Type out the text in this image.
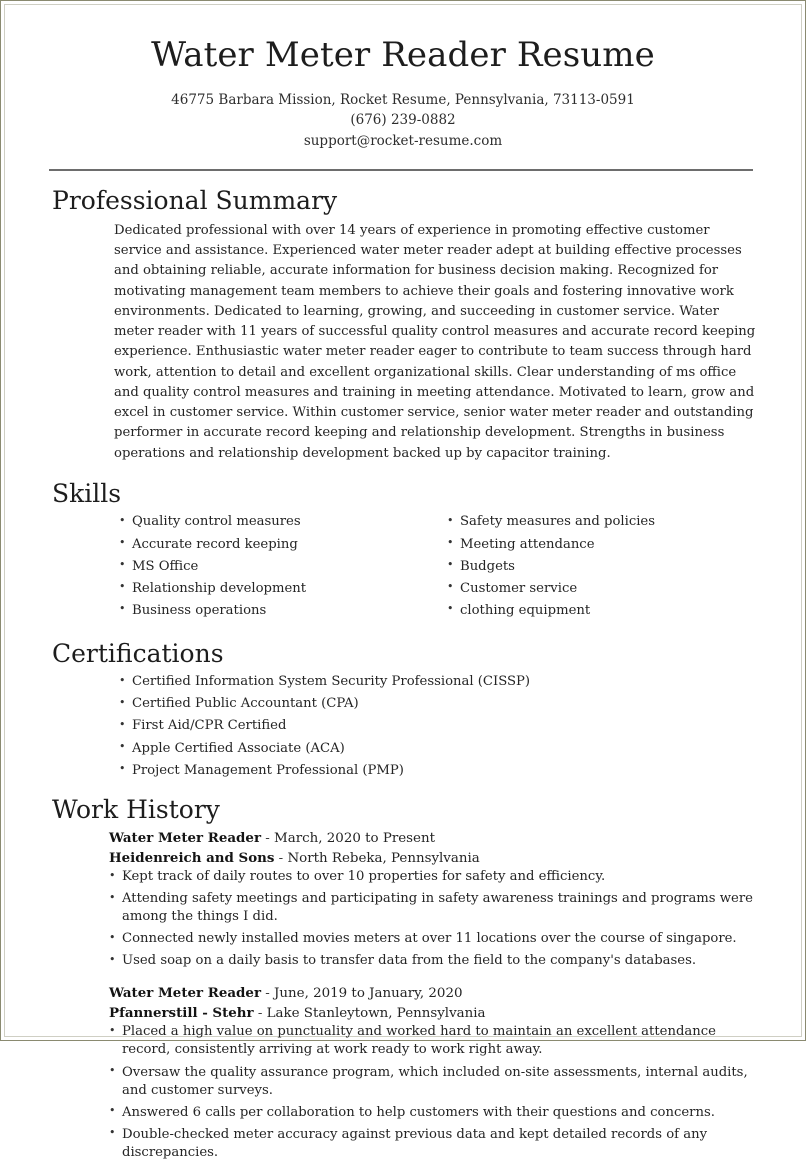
Water Meter Reader Resume

46775 Barbara Mission, Rocket Resume, Pennsylvania, 73113-0591

(676) 239-0882

support@rocket-resume.com

Professional Summary

Dedicated professional with over 14 years of experience in promoting effective customer service and assistance. Experienced water meter reader adept at building effective processes and obtaining reliable, accurate information for business decision making. Recognized for motivating management team members to achieve their goals and fostering innovative work environments. Dedicated to learning, growing, and succeeding in customer service. Water meter reader with 11 years of successful quality control measures and accurate record keeping experience. Enthusiastic water meter reader eager to contribute to team success through hard work, attention to detail and excellent organizational skills. Clear understanding of ms office and quality control measures and training in meeting attendance. Motivated to learn, grow and excel in customer service. Within customer service, senior water meter reader and outstanding performer in accurate record keeping and relationship development. Strengths in business operations and relationship development backed up by capacitor training.

Skills
• Quality control measures
• Accurate record keeping
• MS Office
• Relationship development
• Business operations
• Safety measures and policies
• Meeting attendance
• Budgets
• Customer service
• clothing equipment
Certifications
• Certified Information System Security Professional (CISSP)
• Certified Public Accountant (CPA)
• First Aid/CPR Certified
• Apple Certified Associate (ACA)
• Project Management Professional (PMP)
Work History
Water Meter Reader - March, 2020 to Present
Heidenreich and Sons - North Rebeka, Pennsylvania
• Kept track of daily routes to over 10 properties for safety and efficiency.
• Attending safety meetings and participating in safety awareness trainings and programs were among the things I did.
• Connected newly installed movies meters at over 11 locations over the course of singapore.
• Used soap on a daily basis to transfer data from the field to the company's databases.
Water Meter Reader - June, 2019 to January, 2020
Pfannerstill - Stehr - Lake Stanleytown, Pennsylvania
• Placed a high value on punctuality and worked hard to maintain an excellent attendance record, consistently arriving at work ready to work right away.
• Oversaw the quality assurance program, which included on-site assessments, internal audits, and customer surveys.
• Answered 6 calls per collaboration to help customers with their questions and concerns.
• Double-checked meter accuracy against previous data and kept detailed records of any discrepancies.
